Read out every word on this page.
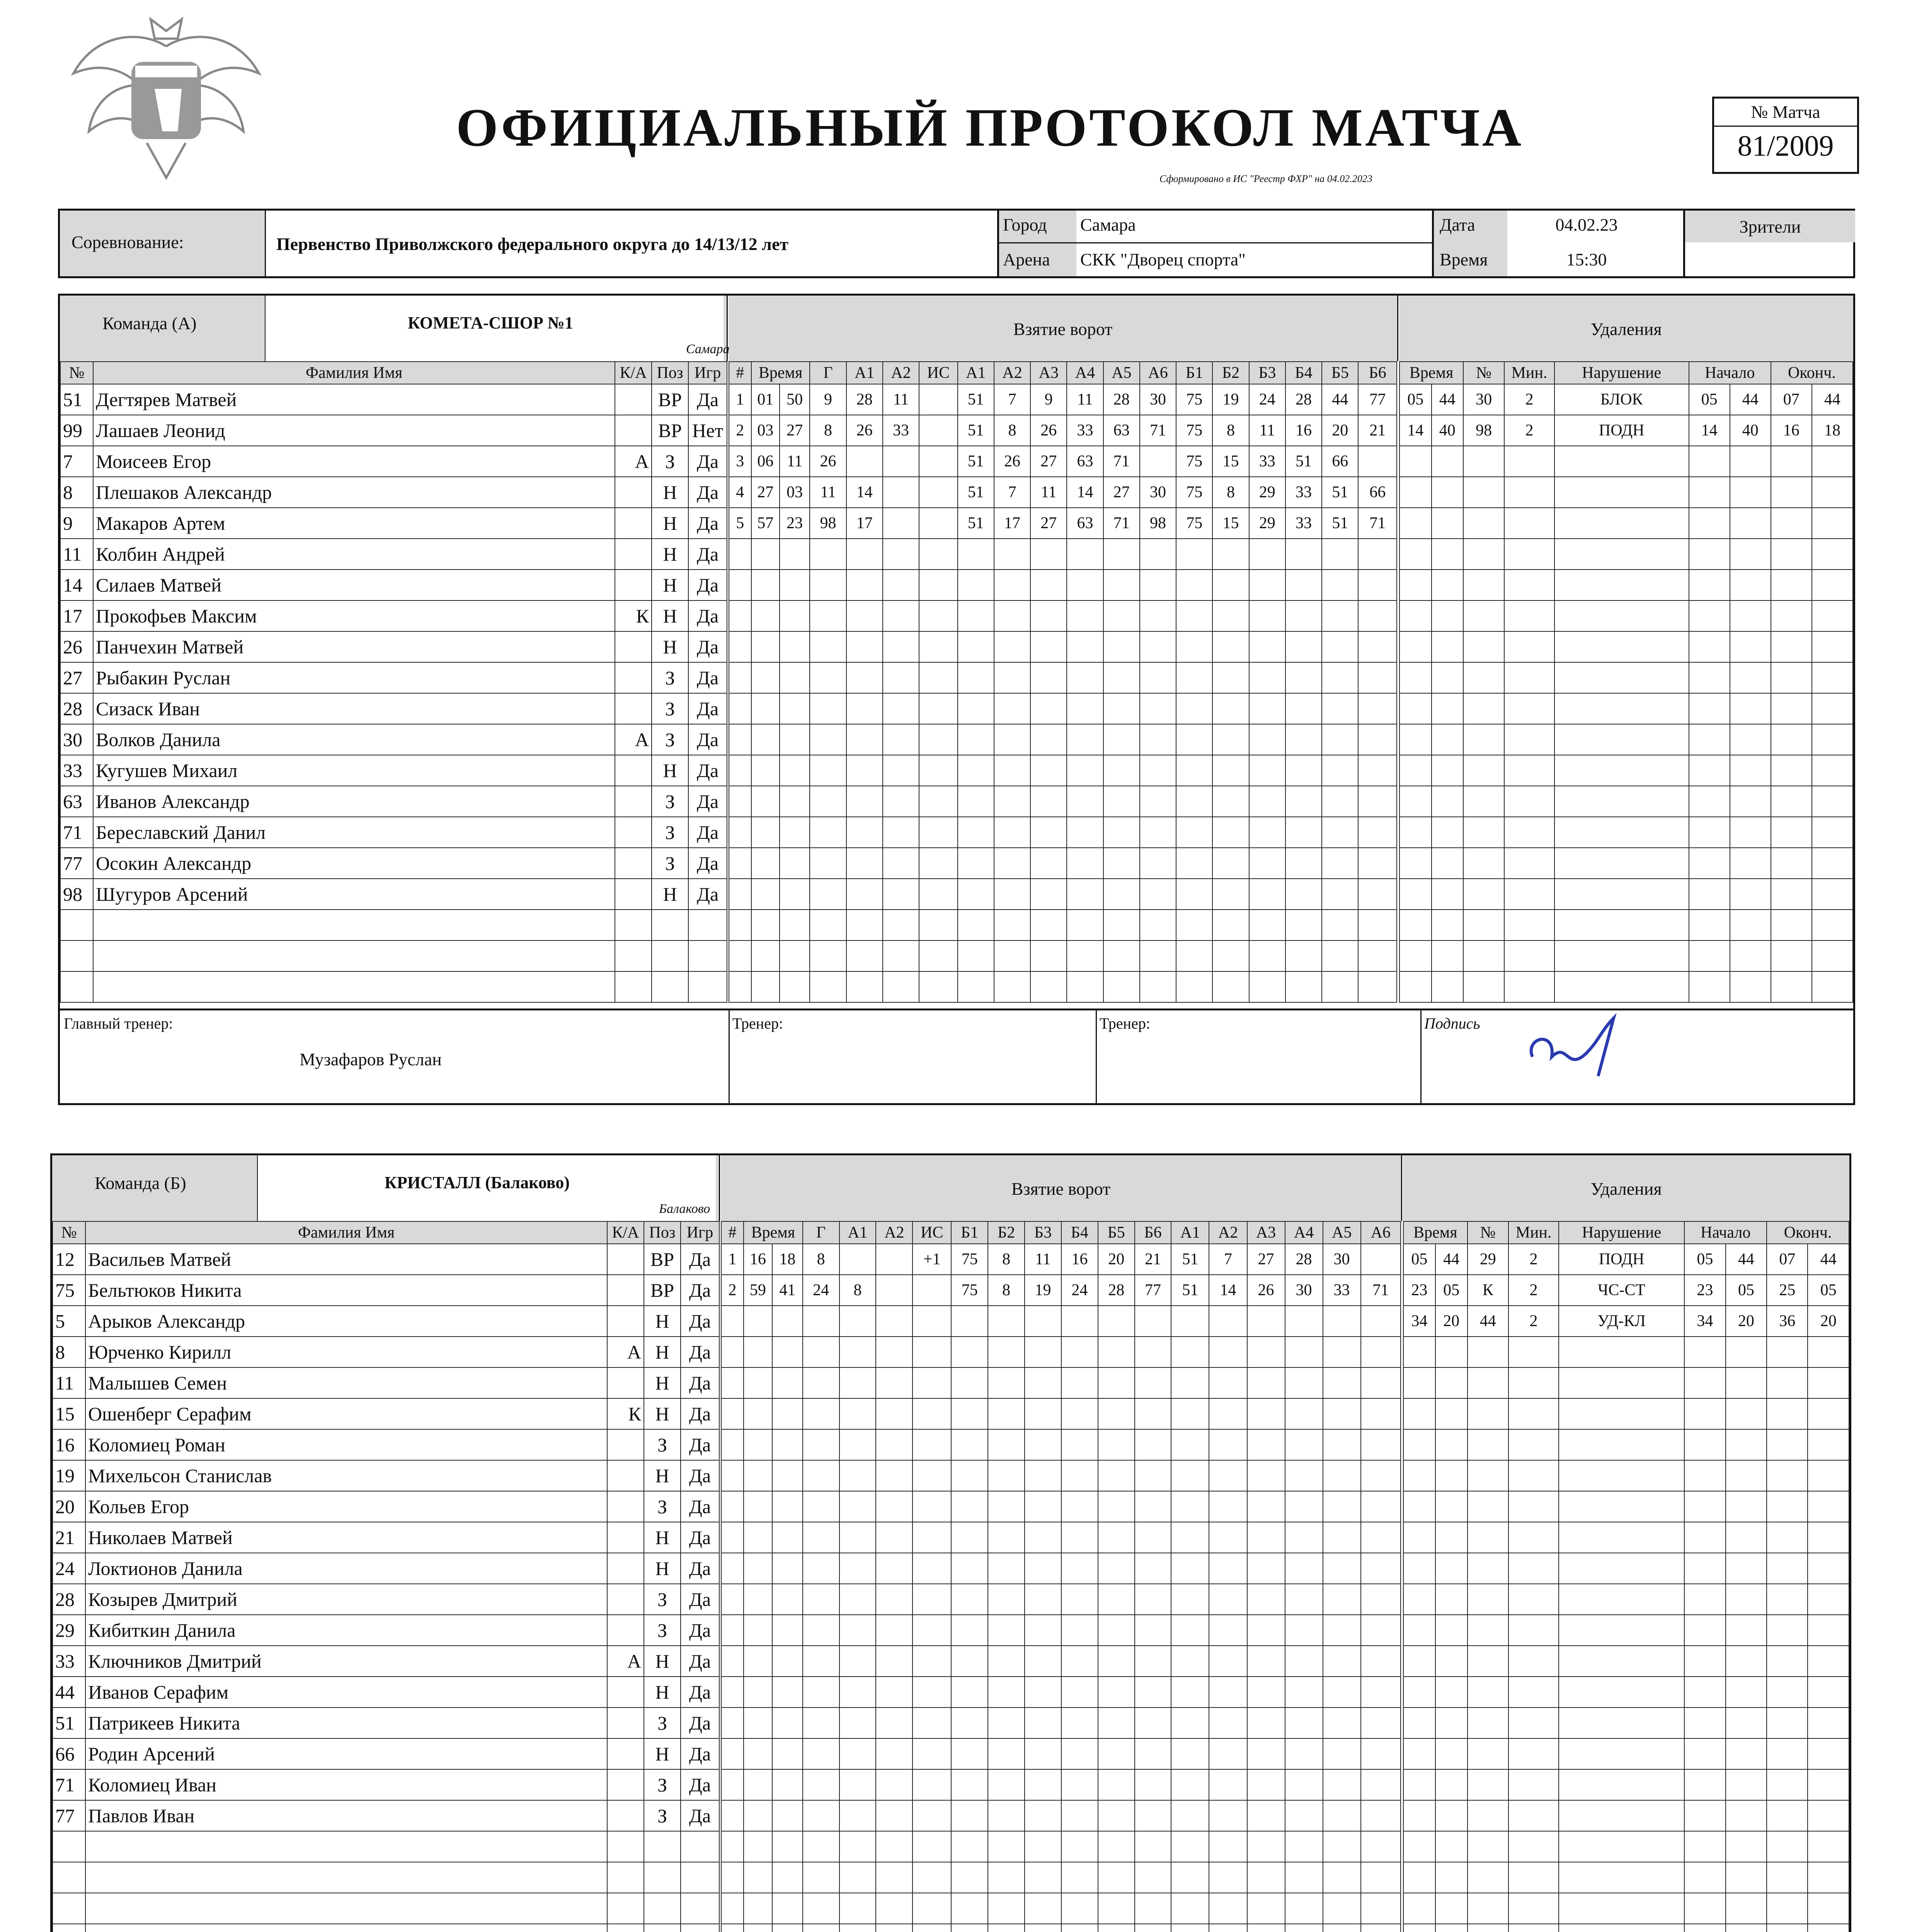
ОФИЦИАЛЬНЫЙ ПРОТОКОЛ МАТЧА
Сформировано в ИС "Реестр ФХР" на 04.02.2023
№ Матча
81/2009
Соревнование:	Первенство Приволжского федерального округа до 14/13/12 лет
Город Самара
Арена СКК "Дворец спорта"
Дата	04.02.23
Время	15:30
Зрители
Команда (А)	КОМЕТА-СШОР №1
Самара
Взятие ворот	Удаления
№	Фамилия Имя	К/А	Поз	Игр
51	Дегтярев Матвей		ВР	Да
99	Лашаев Леонид		ВР	Нет
7	Моисеев Егор	А	З	Да
8	Плешаков Александр		Н	Да
9	Макаров Артем		Н	Да
11	Колбин Андрей		Н	Да
14	Силаев Матвей		Н	Да
17	Прокофьев Максим	К	Н	Да
26	Панчехин Матвей		Н	Да
27	Рыбакин Руслан		З	Да
28	Сизаск Иван		З	Да
30	Волков Данила	А	З	Да
33	Кугушев Михаил		Н	Да
63	Иванов Александр		З	Да
71	Береславский Данил		З	Да
77	Осокин Александр		З	Да
98	Шугуров Арсений		Н	Да

#	Время		Г	А1	А2	ИС	А1	А2	А3	А4	А5	А6	Б1	Б2	Б3	Б4	Б5	Б6
1	01	50	9	28	11		51	7	9	11	28	30	75	19	24	28	44	77
2	03	27	8	26	33		51	8	26	33	63	71	75	8	11	16	20	21
3	06	11	26				51	26	27	63	71		75	15	33	51	66	
4	27	03	11	14			51	7	11	14	27	30	75	8	29	33	51	66
5	57	23	98	17			51	17	27	63	71	98	75	15	29	33	51	71

Время		№	Мин.	Нарушение	Начало		Оконч.	
05	44	30	2	БЛОК	05	44	07	44
14	40	98	2	ПОДН	14	40	16	18

Главный тренер:
Музафаров Руслан
Тренер:	Тренер:	Подпись
Команда (Б)	КРИСТАЛЛ (Балаково)
Балаково
Взятие ворот	Удаления
№	Фамилия Имя	К/А	Поз	Игр
12	Васильев Матвей		ВР	Да
75	Бельтюков Никита		ВР	Да
5	Арыков Александр		Н	Да
8	Юрченко Кирилл	А	Н	Да
11	Малышев Семен		Н	Да
15	Ошенберг Серафим	К	Н	Да
16	Коломиец Роман		З	Да
19	Михельсон Станислав		Н	Да
20	Кольев Егор		З	Да
21	Николаев Матвей		Н	Да
24	Локтионов Данила		Н	Да
28	Козырев Дмитрий		З	Да
29	Кибиткин Данила		З	Да
33	Ключников Дмитрий	А	Н	Да
44	Иванов Серафим		Н	Да
51	Патрикеев Никита		З	Да
66	Родин Арсений		Н	Да
71	Коломиец Иван		З	Да
77	Павлов Иван		З	Да

#	Время		Г	А1	А2	ИС	Б1	Б2	Б3	Б4	Б5	Б6	А1	А2	А3	А4	А5	А6
1	16	18	8			+1	75	8	11	16	20	21	51	7	27	28	30	
2	59	41	24	8			75	8	19	24	28	77	51	14	26	30	33	71

Время		№	Мин.	Нарушение	Начало		Оконч.	
05	44	29	2	ПОДН	05	44	07	44
23	05	К	2	ЧС-СТ	23	05	25	05
34	20	44	2	УД-КЛ	34	20	36	20
